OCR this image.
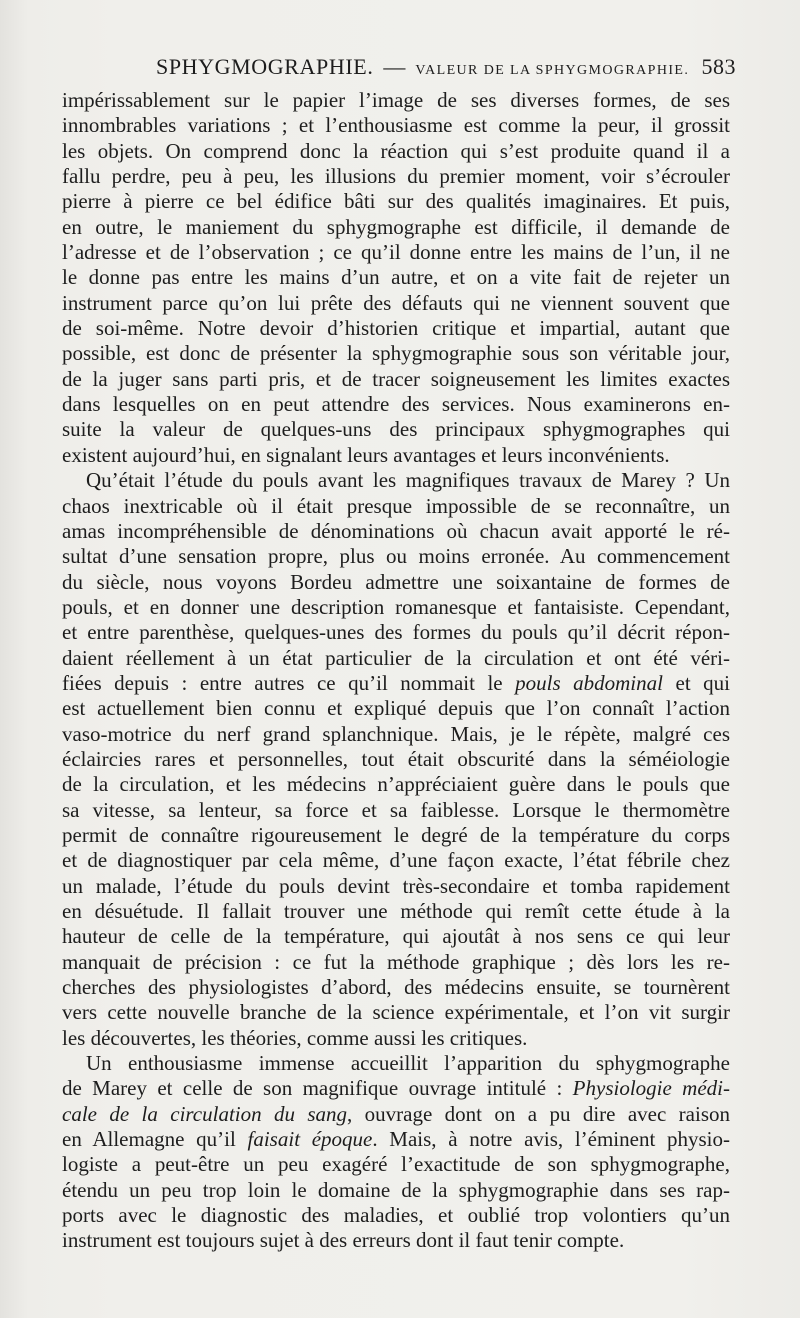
SPHYGMOGRAPHIE. — VALEUR DE LA SPHYGMOGRAPHIE. 583

impérissablement sur le papier l’image de ses diverses formes, de ses
innombrables variations ; et l’enthousiasme est comme la peur, il grossit
les objets. On comprend donc la réaction qui s’est produite quand il a
fallu perdre, peu à peu, les illusions du premier moment, voir s’écrouler
pierre à pierre ce bel édifice bâti sur des qualités imaginaires. Et puis,
en outre, le maniement du sphygmographe est difficile, il demande de
l’adresse et de l’observation ; ce qu’il donne entre les mains de l’un, il ne
le donne pas entre les mains d’un autre, et on a vite fait de rejeter un
instrument parce qu’on lui prête des défauts qui ne viennent souvent que
de soi-même. Notre devoir d’historien critique et impartial, autant que
possible, est donc de présenter la sphygmographie sous son véritable jour,
de la juger sans parti pris, et de tracer soigneusement les limites exactes
dans lesquelles on en peut attendre des services. Nous examinerons en-
suite la valeur de quelques-uns des principaux sphygmographes qui
existent aujourd’hui, en signalant leurs avantages et leurs inconvénients.

Qu’était l’étude du pouls avant les magnifiques travaux de Marey ? Un
chaos inextricable où il était presque impossible de se reconnaître, un
amas incompréhensible de dénominations où chacun avait apporté le ré-
sultat d’une sensation propre, plus ou moins erronée. Au commencement
du siècle, nous voyons Bordeu admettre une soixantaine de formes de
pouls, et en donner une description romanesque et fantaisiste. Cependant,
et entre parenthèse, quelques-unes des formes du pouls qu’il décrit répon-
daient réellement à un état particulier de la circulation et ont été véri-
fiées depuis : entre autres ce qu’il nommait le pouls abdominal et qui
est actuellement bien connu et expliqué depuis que l’on connaît l’action
vaso-motrice du nerf grand splanchnique. Mais, je le répète, malgré ces
éclaircies rares et personnelles, tout était obscurité dans la séméiologie
de la circulation, et les médecins n’appréciaient guère dans le pouls que
sa vitesse, sa lenteur, sa force et sa faiblesse. Lorsque le thermomètre
permit de connaître rigoureusement le degré de la température du corps
et de diagnostiquer par cela même, d’une façon exacte, l’état fébrile chez
un malade, l’étude du pouls devint très-secondaire et tomba rapidement
en désuétude. Il fallait trouver une méthode qui remît cette étude à la
hauteur de celle de la température, qui ajoutât à nos sens ce qui leur
manquait de précision : ce fut la méthode graphique ; dès lors les re-
cherches des physiologistes d’abord, des médecins ensuite, se tournèrent
vers cette nouvelle branche de la science expérimentale, et l’on vit surgir
les découvertes, les théories, comme aussi les critiques.

Un enthousiasme immense accueillit l’apparition du sphygmographe
de Marey et celle de son magnifique ouvrage intitulé : Physiologie médi-
cale de la circulation du sang, ouvrage dont on a pu dire avec raison
en Allemagne qu’il faisait époque. Mais, à notre avis, l’éminent physio-
logiste a peut-être un peu exagéré l’exactitude de son sphygmographe,
étendu un peu trop loin le domaine de la sphygmographie dans ses rap-
ports avec le diagnostic des maladies, et oublié trop volontiers qu’un
instrument est toujours sujet à des erreurs dont il faut tenir compte.
